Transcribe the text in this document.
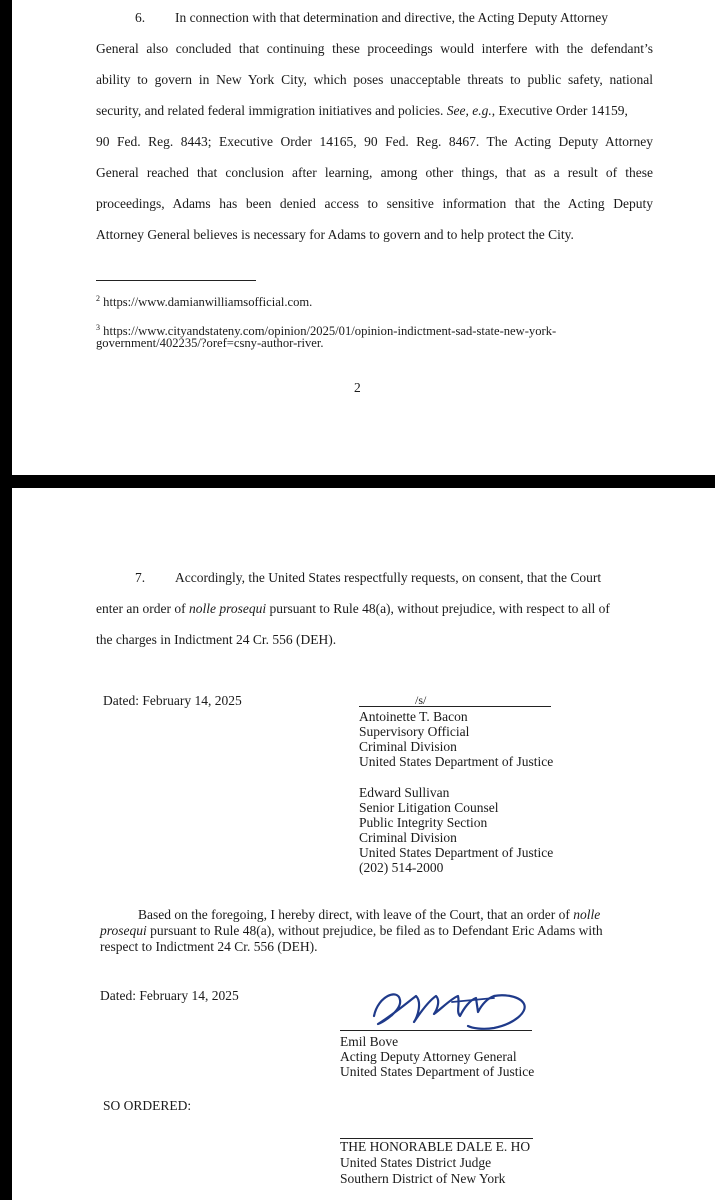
6. In connection with that determination and directive, the Acting Deputy Attorney
General also concluded that continuing these proceedings would interfere with the defendant’s
ability to govern in New York City, which poses unacceptable threats to public safety, national
security, and related federal immigration initiatives and policies. See, e.g., Executive Order 14159,
90 Fed. Reg. 8443; Executive Order 14165, 90 Fed. Reg. 8467. The Acting Deputy Attorney
General reached that conclusion after learning, among other things, that as a result of these
proceedings, Adams has been denied access to sensitive information that the Acting Deputy
Attorney General believes is necessary for Adams to govern and to help protect the City.
$^2$ https://www.damianwilliamsofficial.com.
$^3$ https://www.cityandstateny.com/opinion/2025/01/opinion-indictment-sad-state-new-york-
government/402235/?oref=csny-author-river.
2
7. Accordingly, the United States respectfully requests, on consent, that the Court
enter an order of nolle prosequi pursuant to Rule 48(a), without prejudice, with respect to all of
the charges in Indictment 24 Cr. 556 (DEH).
Dated: February 14, 2025	/s/
Antoinette T. Bacon
Supervisory Official
Criminal Division
United States Department of Justice
Edward Sullivan
Senior Litigation Counsel
Public Integrity Section
Criminal Division
United States Department of Justice
(202) 514-2000
Based on the foregoing, I hereby direct, with leave of the Court, that an order of nolle
prosequi pursuant to Rule 48(a), without prejudice, be filed as to Defendant Eric Adams with
respect to Indictment 24 Cr. 556 (DEH).
Dated: February 14, 2025
Emil Bove
Acting Deputy Attorney General
United States Department of Justice
SO ORDERED:
THE HONORABLE DALE E. HO
United States District Judge
Southern District of New York
